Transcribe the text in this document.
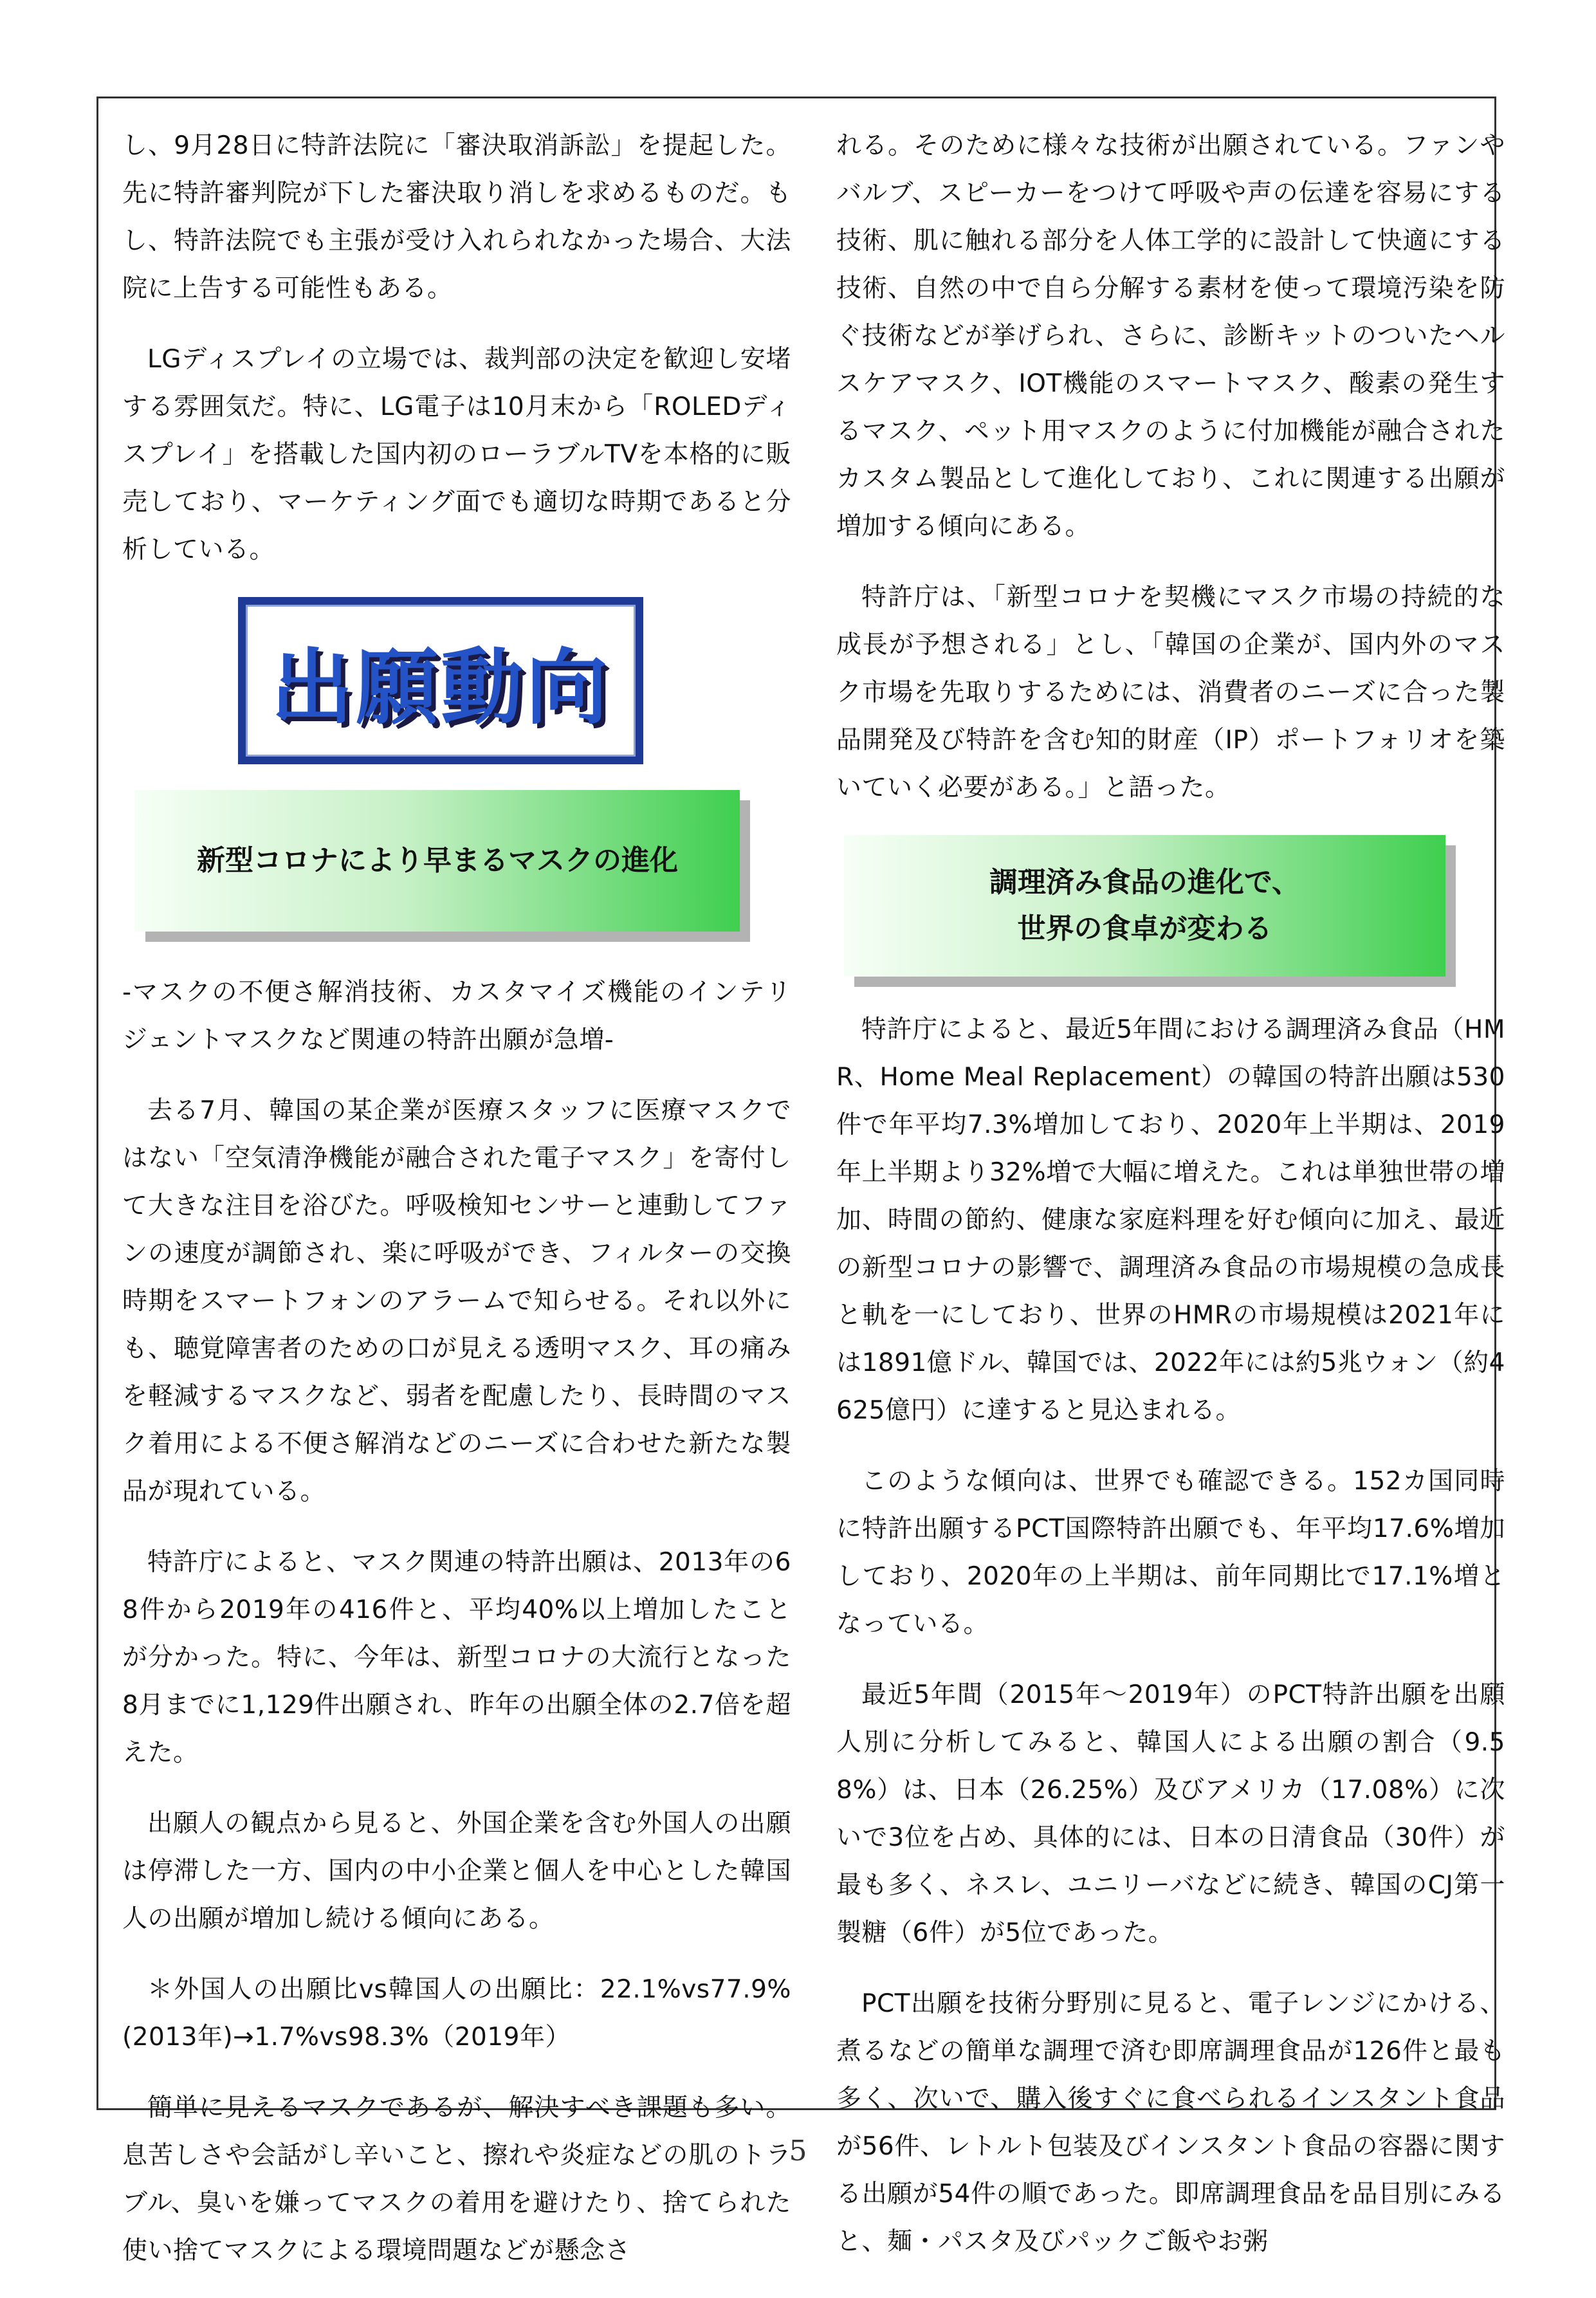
し、9月28日に特許法院に「審決取消訴訟」を提起した。先に特許審判院が下した審決取り消しを求めるものだ。もし、特許法院でも主張が受け入れられなかった場合、大法院に上告する可能性もある。

LGディスプレイの立場では、裁判部の決定を歓迎し安堵する雰囲気だ。特に、LG電子は10月末から「ROLEDディスプレイ」を搭載した国内初のローラブルTVを本格的に販売しており、マーケティング面でも適切な時期であると分析している。

出願動向
新型コロナにより早まるマスクの進化

-マスクの不便さ解消技術、カスタマイズ機能のインテリジェントマスクなど関連の特許出願が急増-

去る7月、韓国の某企業が医療スタッフに医療マスクではない「空気清浄機能が融合された電子マスク」を寄付して大きな注目を浴びた。呼吸検知センサーと連動してファンの速度が調節され、楽に呼吸ができ、フィルターの交換時期をスマートフォンのアラームで知らせる。それ以外にも、聴覚障害者のための口が見える透明マスク、耳の痛みを軽減するマスクなど、弱者を配慮したり、長時間のマスク着用による不便さ解消などのニーズに合わせた新たな製品が現れている。

特許庁によると、マスク関連の特許出願は、2013年の68件から2019年の416件と、平均40%以上増加したことが分かった。特に、今年は、新型コロナの大流行となった8月までに1,129件出願され、昨年の出願全体の2.7倍を超えた。

出願人の観点から見ると、外国企業を含む外国人の出願は停滞した一方、国内の中小企業と個人を中心とした韓国人の出願が増加し続ける傾向にある。

＊外国人の出願比vs韓国人の出願比：22.1%vs77.9%(2013年)→1.7%vs98.3%（2019年）

簡単に見えるマスクであるが、解決すべき課題も多い。息苦しさや会話がし辛いこと、擦れや炎症などの肌のトラブル、臭いを嫌ってマスクの着用を避けたり、捨てられた使い捨てマスクによる環境問題などが懸念さ

れる。そのために様々な技術が出願されている。ファンやバルブ、スピーカーをつけて呼吸や声の伝達を容易にする技術、肌に触れる部分を人体工学的に設計して快適にする技術、自然の中で自ら分解する素材を使って環境汚染を防ぐ技術などが挙げられ、さらに、診断キットのついたヘルスケアマスク、IOT機能のスマートマスク、酸素の発生するマスク、ペット用マスクのように付加機能が融合されたカスタム製品として進化しており、これに関連する出願が増加する傾向にある。

特許庁は、「新型コロナを契機にマスク市場の持続的な成長が予想される」とし、「韓国の企業が、国内外のマスク市場を先取りするためには、消費者のニーズに合った製品開発及び特許を含む知的財産（IP）ポートフォリオを築いていく必要がある。」と語った。

調理済み食品の進化で、
世界の食卓が変わる

特許庁によると、最近5年間における調理済み食品（HMR、Home Meal Replacement）の韓国の特許出願は530件で年平均7.3%増加しており、2020年上半期は、2019年上半期より32%増で大幅に増えた。これは単独世帯の増加、時間の節約、健康な家庭料理を好む傾向に加え、最近の新型コロナの影響で、調理済み食品の市場規模の急成長と軌を一にしており、世界のHMRの市場規模は2021年には1891億ドル、韓国では、2022年には約5兆ウォン（約4625億円）に達すると見込まれる。

このような傾向は、世界でも確認できる。152カ国同時に特許出願するPCT国際特許出願でも、年平均17.6%増加しており、2020年の上半期は、前年同期比で17.1%増となっている。

最近5年間（2015年～2019年）のPCT特許出願を出願人別に分析してみると、韓国人による出願の割合（9.58%）は、日本（26.25%）及びアメリカ（17.08%）に次いで3位を占め、具体的には、日本の日清食品（30件）が最も多く、ネスレ、ユニリーバなどに続き、韓国のCJ第一製糖（6件）が5位であった。

PCT出願を技術分野別に見ると、電子レンジにかける、煮るなどの簡単な調理で済む即席調理食品が126件と最も多く、次いで、購入後すぐに食べられるインスタント食品が56件、レトルト包装及びインスタント食品の容器に関する出願が54件の順であった。即席調理食品を品目別にみると、麺・パスタ及びパックご飯やお粥

5
